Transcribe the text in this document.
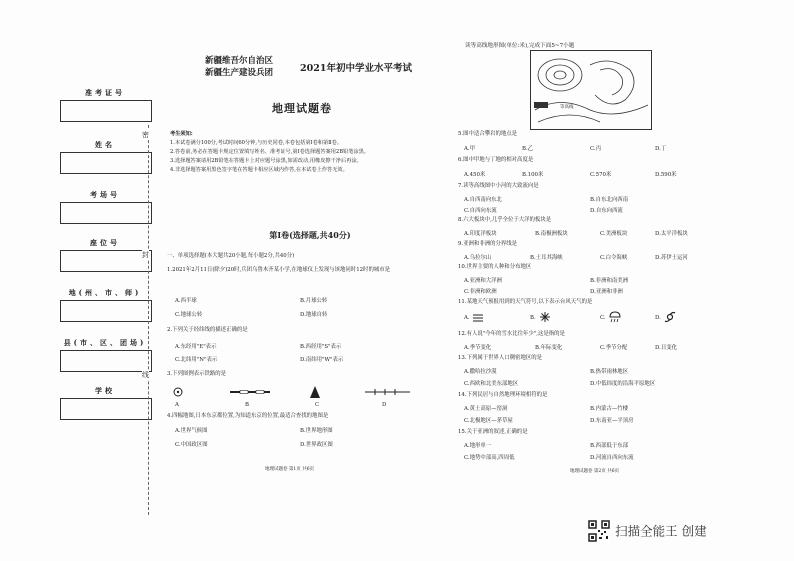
准考证号
姓名
考场号
座位号
地(州、市、师)
县(市、区、团场)
学校
密
封
线
新疆维吾尔自治区
新疆生产建设兵团	2021年初中学业水平考试
地理试题卷

考生须知:

1.本试卷满分100分,考试时间60分钟,与历史同卷,本卷包括第Ⅰ卷和第Ⅱ卷。

2.答卷前,务必在答题卡规定位置填写姓名、准考证号,第Ⅰ卷选择题答案用2B铅笔涂黑。

3.选择题答案请用2B铅笔在答题卡上对应题号涂黑,如需改动,用橡皮擦干净后再涂。

4.非选择题答案用黑色签字笔在答题卡相应区域内作答,在本试卷上作答无效。

第Ⅰ卷(选择题,共40分)
一、单项选择题(本大题共20小题,每小题2分,共40分)
1.2021年2月11日(除夕)20时,兵团乌鲁木齐某小学,在地球仪上发现与该地同时12时的城市是
A.西半球	B.月球公转
C.地球公转	D.地球自转
2.下列关于经纬线的描述正确的是
A.东经用"E"表示	B.西经用"S"表示
C.北纬用"N"表示	D.南纬用"W"表示
3.下列图例表示铁路的是
A	B	C	D
4.四幅地图,日本东京都位置,为知道东京的位置,最适合查找的地图是
A.世界气候图	B.世界地形图
C.中国政区图	D.世界政区图
地理试题卷 第1页 共6页
读等高线地形图(单位:米),完成下面5~7小题
等高线
5.图中适合攀岩的地点是
A.甲	B.乙	C.丙	D.丁
6.图中甲地与丁地的相对高度是
A.450米	B.100米	C.570米	D.590米
7.读等高线图中小河的大致流向是
A.自西南向东北	B.自东北向西南
C.自西向东流	D.自东向西流
8.六大板块中,几乎全位于大洋的板块是
A.印度洋板块	B.南极洲板块	C.美洲板块	D.太平洋板块
9.亚洲和非洲的分界线是
A.乌拉尔山	B.土耳其海峡	C.白令海峡	D.苏伊士运河
10.世界主要的人种和分布地区
A.亚洲和大洋洲	B.非洲和南美洲
C.非洲和欧洲	D.亚洲和非洲
11.某地天气预报用到的天气符号,以下表示台风天气的是
A.	B.	C.	D.
12.有人说"今年的雪水比往年少",这是指的是
A.季节变化	B.年际变化	C.季节分配	D.日变化
13.下列属于世界人口稠密地区的是
A.撒哈拉沙漠	B.热带雨林地区
C.西欧和北美东部地区	D.中低纬度的沿海平原地区
14.下列民居与自然地理环境相符的是
A.黄土高原—窑洞	B.内蒙古—竹楼
C.北极地区—茅草屋	D.东南亚—平顶房
15.关于亚洲的叙述,正确的是
A.地形单一	B.西部低于东部
C.地势中部高,四周低	D.河流自西向东流
地理试题卷 第2页 共6页
扫描全能王 创建
